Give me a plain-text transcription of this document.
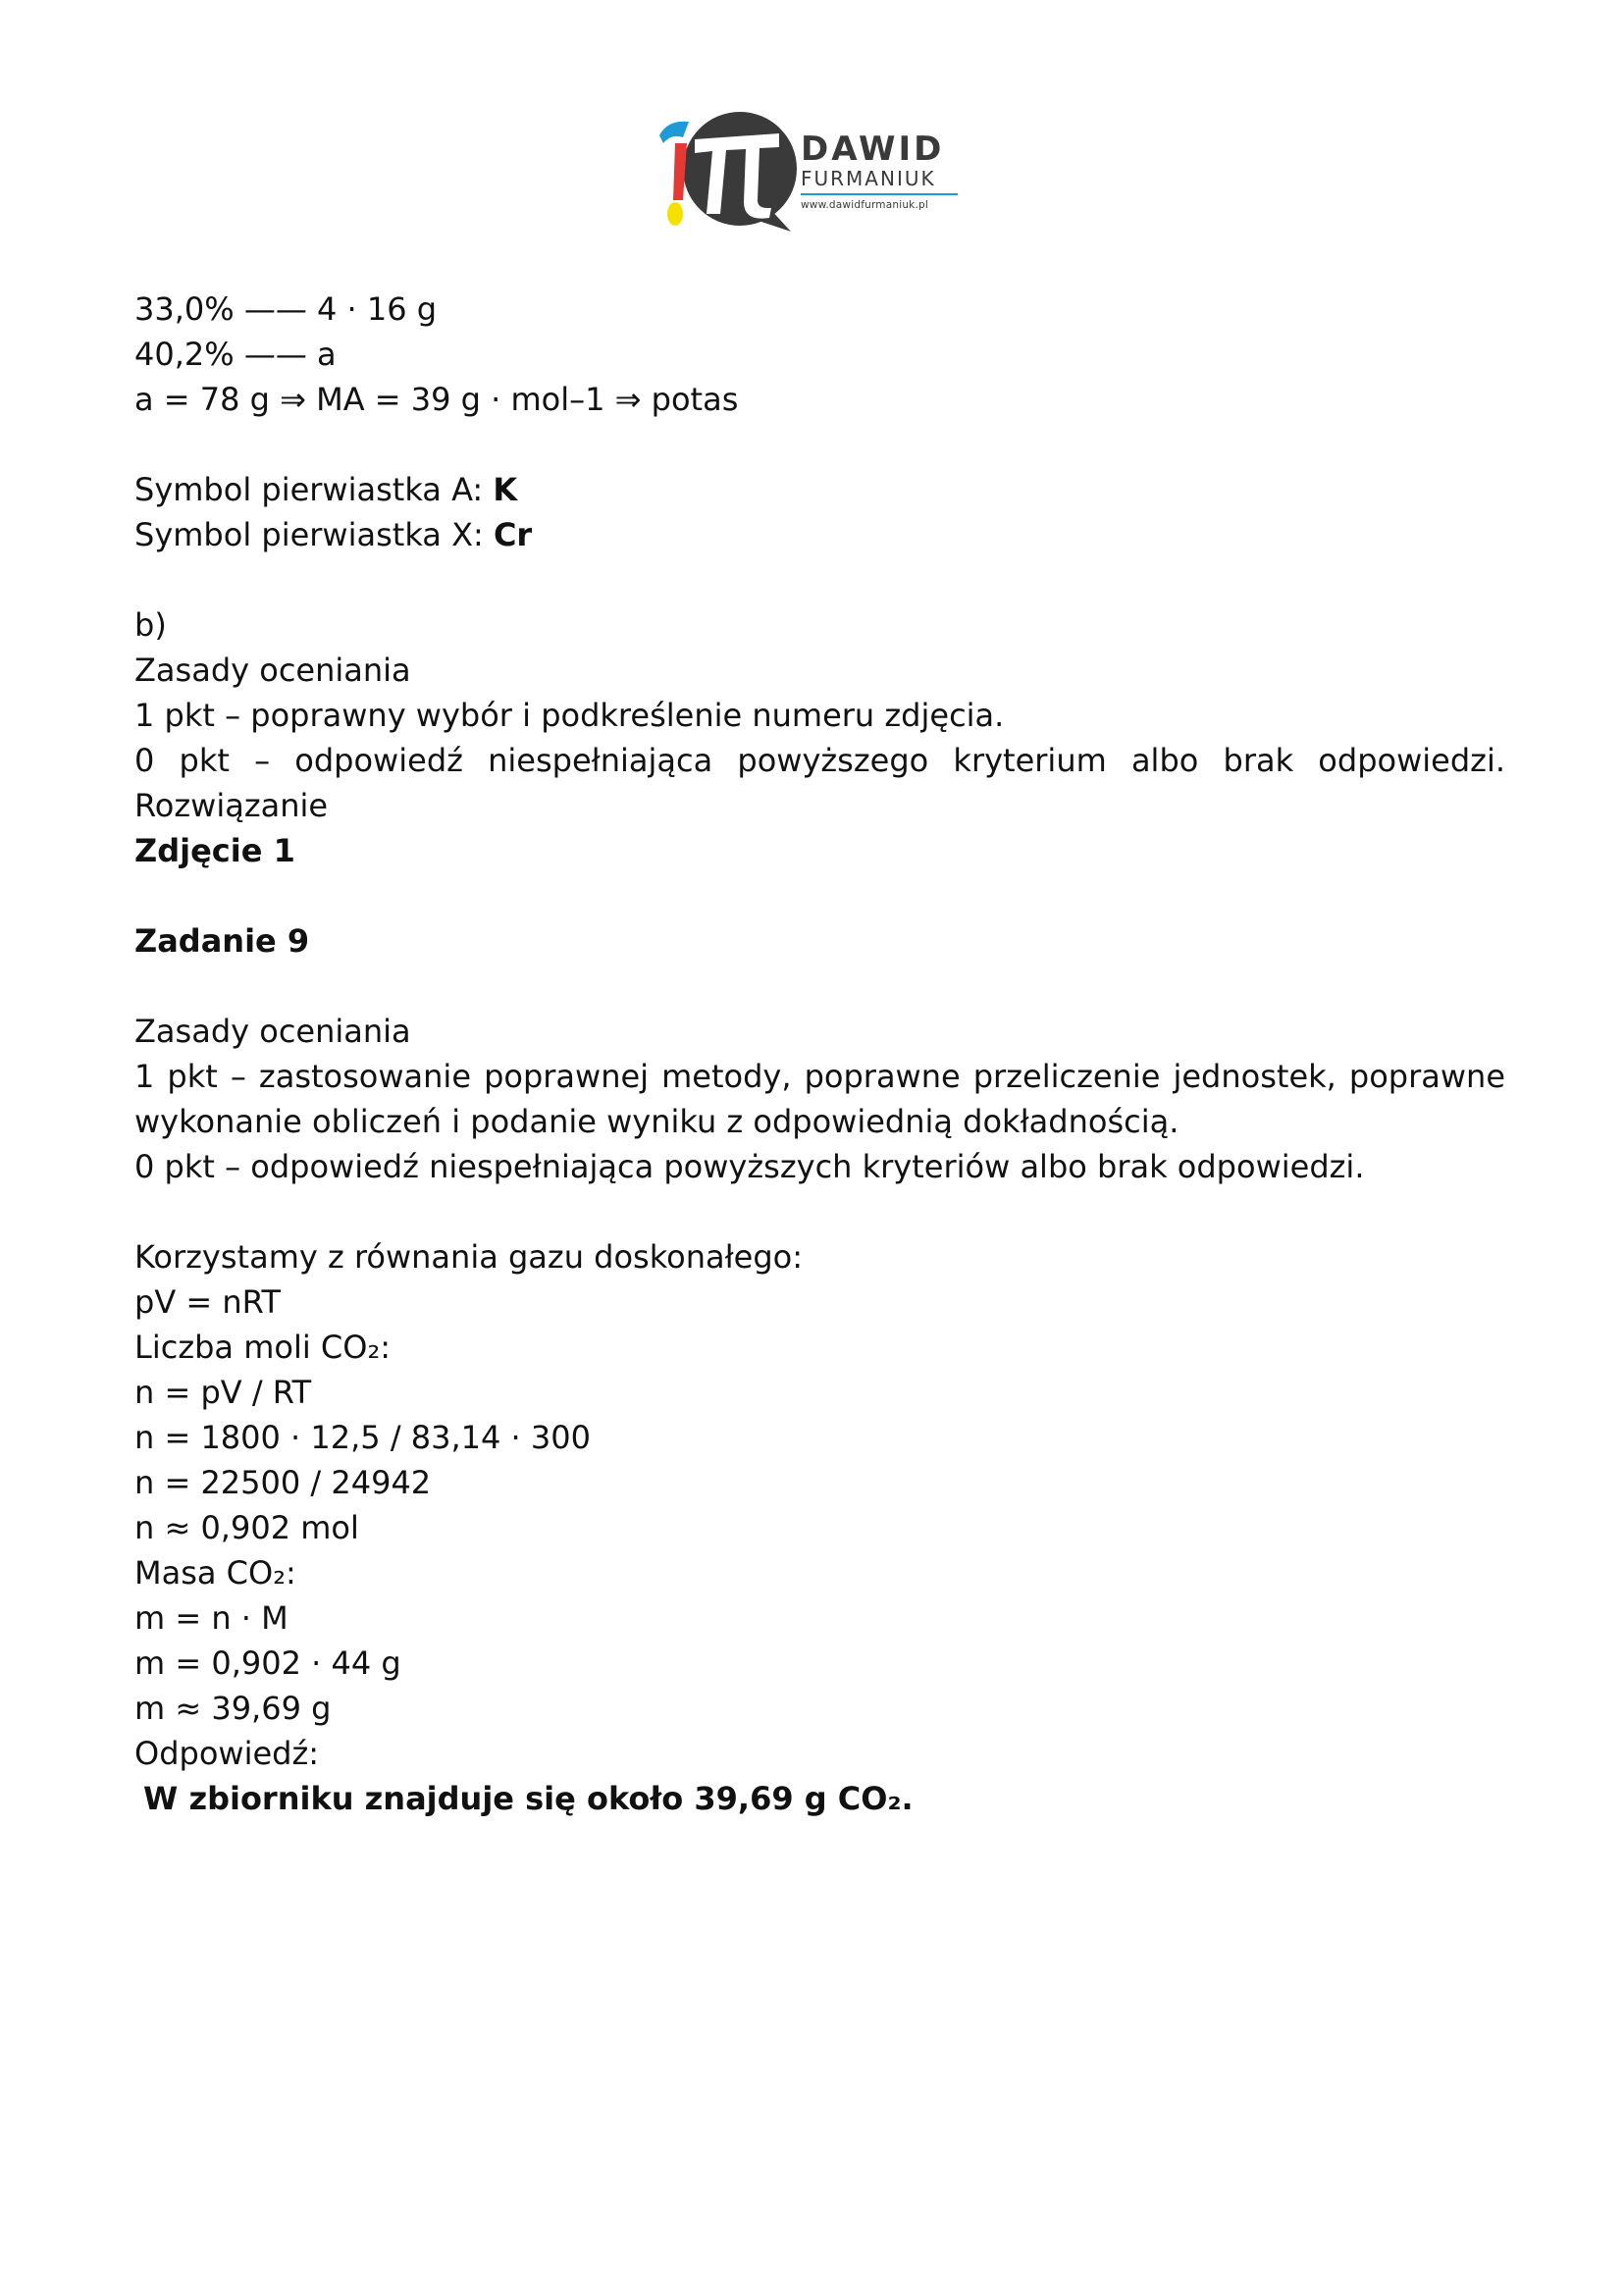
DAWID
FURMANIUK
www.dawidfurmaniuk.pl
33,0% —— 4 · 16 g
40,2% —— a
a = 78 g ⇒ MA = 39 g · mol–1 ⇒ potas
Symbol pierwiastka A: K
Symbol pierwiastka X: Cr
b)
Zasady oceniania
1 pkt – poprawny wybór i podkreślenie numeru zdjęcia.
0 pkt – odpowiedź niespełniająca powyższego kryterium albo brak odpowiedzi.
Rozwiązanie
Zdjęcie 1
Zadanie 9
Zasady oceniania
1 pkt – zastosowanie poprawnej metody, poprawne przeliczenie jednostek, poprawne wykonanie obliczeń i podanie wyniku z odpowiednią dokładnością.
0 pkt – odpowiedź niespełniająca powyższych kryteriów albo brak odpowiedzi.
Korzystamy z równania gazu doskonałego:
pV = nRT
Liczba moli CO₂:
n = pV / RT
n = 1800 · 12,5 / 83,14 · 300
n = 22500 / 24942
n ≈ 0,902 mol
Masa CO₂:
m = n · M
m = 0,902 · 44 g
m ≈ 39,69 g
Odpowiedź:
W zbiorniku znajduje się około 39,69 g CO₂.
